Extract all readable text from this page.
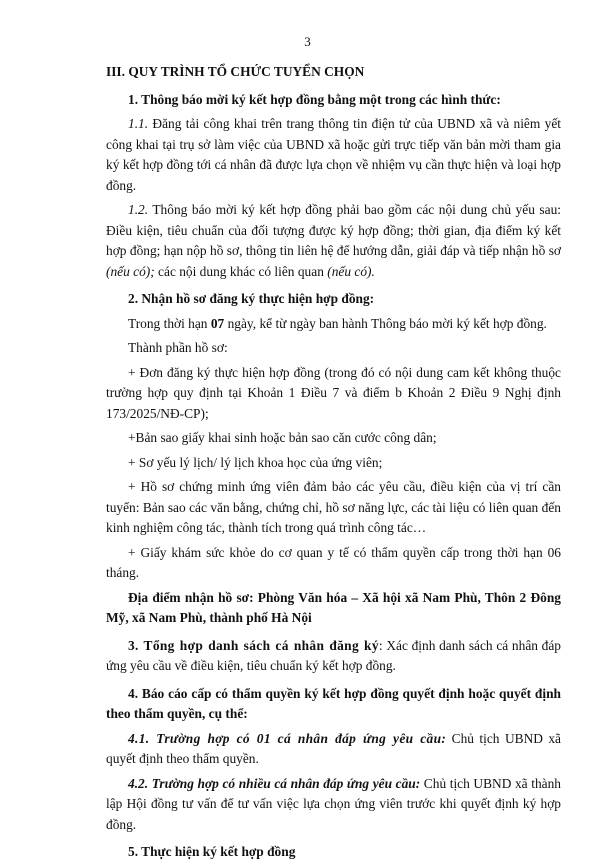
3

III. QUY TRÌNH TỔ CHỨC TUYỂN CHỌN

1. Thông báo mời ký kết hợp đồng bằng một trong các hình thức:

1.1. Đăng tải công khai trên trang thông tin điện tử của UBND xã và niêm yết công khai tại trụ sở làm việc của UBND xã hoặc gửi trực tiếp văn bản mời tham gia ký kết hợp đồng tới cá nhân đã được lựa chọn về nhiệm vụ cần thực hiện và loại hợp đồng.

1.2. Thông báo mời ký kết hợp đồng phải bao gồm các nội dung chủ yếu sau: Điều kiện, tiêu chuẩn của đối tượng được ký hợp đồng; thời gian, địa điểm ký kết hợp đồng; hạn nộp hồ sơ, thông tin liên hệ để hướng dẫn, giải đáp và tiếp nhận hồ sơ (nếu có); các nội dung khác có liên quan (nếu có).

2. Nhận hồ sơ đăng ký thực hiện hợp đồng:

Trong thời hạn 07 ngày, kể từ ngày ban hành Thông báo mời ký kết hợp đồng.

Thành phần hồ sơ:

+ Đơn đăng ký thực hiện hợp đồng (trong đó có nội dung cam kết không thuộc trường hợp quy định tại Khoản 1 Điều 7 và điểm b Khoản 2 Điều 9 Nghị định 173/2025/NĐ-CP);

+Bản sao giấy khai sinh hoặc bản sao căn cước công dân;

+ Sơ yếu lý lịch/ lý lịch khoa học của ứng viên;

+ Hồ sơ chứng minh ứng viên đảm bảo các yêu cầu, điều kiện của vị trí cần tuyển: Bản sao các văn bằng, chứng chỉ, hồ sơ năng lực, các tài liệu có liên quan đến kinh nghiệm công tác, thành tích trong quá trình công tác…

+ Giấy khám sức khỏe do cơ quan y tế có thẩm quyền cấp trong thời hạn 06 tháng.

Địa điểm nhận hồ sơ: Phòng Văn hóa – Xã hội xã Nam Phù, Thôn 2 Đông Mỹ, xã Nam Phù, thành phố Hà Nội

3. Tổng hợp danh sách cá nhân đăng ký: Xác định danh sách cá nhân đáp ứng yêu cầu về điều kiện, tiêu chuẩn ký kết hợp đồng.

4. Báo cáo cấp có thẩm quyền ký kết hợp đồng quyết định hoặc quyết định theo thẩm quyền, cụ thể:

4.1. Trường hợp có 01 cá nhân đáp ứng yêu cầu: Chủ tịch UBND xã quyết định theo thẩm quyền.

4.2. Trường hợp có nhiều cá nhân đáp ứng yêu cầu: Chủ tịch UBND xã thành lập Hội đồng tư vấn để tư vấn việc lựa chọn ứng viên trước khi quyết định ký hợp đồng.

5. Thực hiện ký kết hợp đồng
